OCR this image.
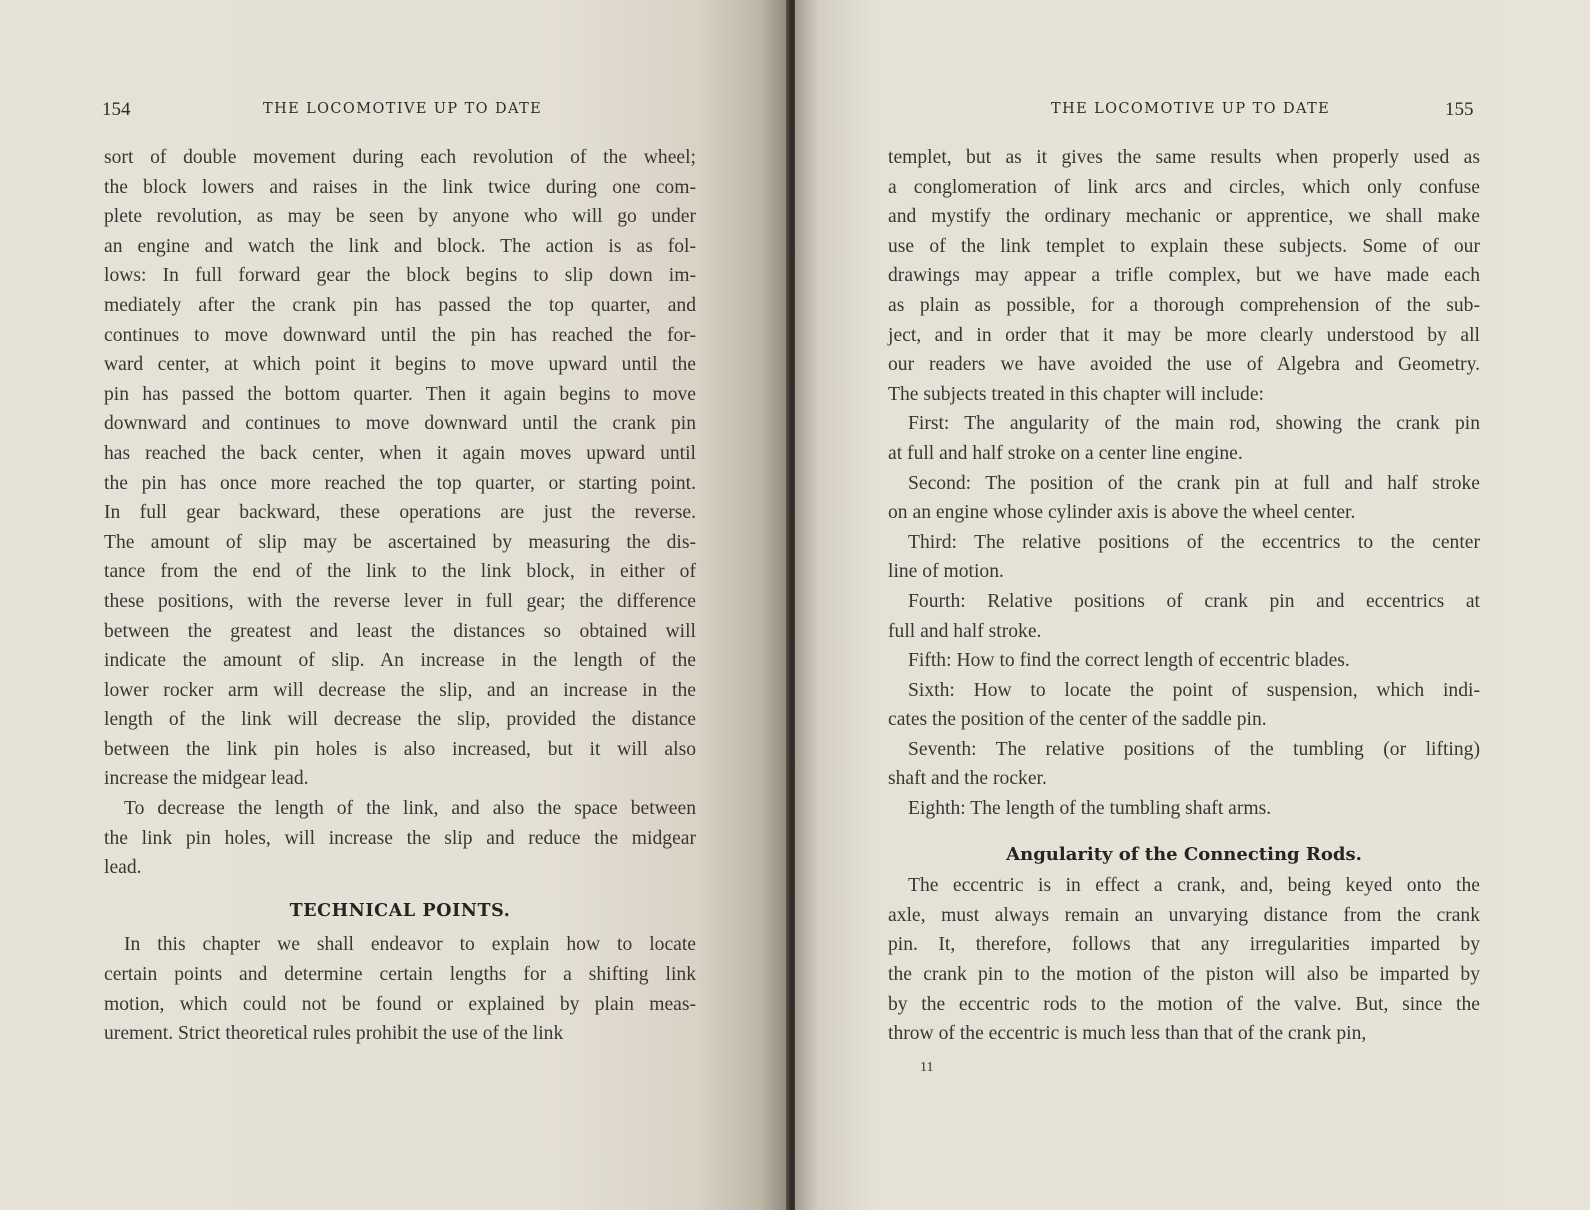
154	THE LOCOMOTIVE UP TO DATE
sort of double movement during each revolution of the wheel;
the block lowers and raises in the link twice during one com-
plete revolution, as may be seen by anyone who will go under
an engine and watch the link and block. The action is as fol-
lows: In full forward gear the block begins to slip down im-
mediately after the crank pin has passed the top quarter, and
continues to move downward until the pin has reached the for-
ward center, at which point it begins to move upward until the
pin has passed the bottom quarter. Then it again begins to move
downward and continues to move downward until the crank pin
has reached the back center, when it again moves upward until
the pin has once more reached the top quarter, or starting point.
In full gear backward, these operations are just the reverse.
The amount of slip may be ascertained by measuring the dis-
tance from the end of the link to the link block, in either of
these positions, with the reverse lever in full gear; the difference
between the greatest and least the distances so obtained will
indicate the amount of slip. An increase in the length of the
lower rocker arm will decrease the slip, and an increase in the
length of the link will decrease the slip, provided the distance
between the link pin holes is also increased, but it will also
increase the midgear lead.
To decrease the length of the link, and also the space between
the link pin holes, will increase the slip and reduce the midgear
lead.
TECHNICAL POINTS.
In this chapter we shall endeavor to explain how to locate
certain points and determine certain lengths for a shifting link
motion, which could not be found or explained by plain meas-
urement. Strict theoretical rules prohibit the use of the link
THE LOCOMOTIVE UP TO DATE	155
templet, but as it gives the same results when properly used as
a conglomeration of link arcs and circles, which only confuse
and mystify the ordinary mechanic or apprentice, we shall make
use of the link templet to explain these subjects. Some of our
drawings may appear a trifle complex, but we have made each
as plain as possible, for a thorough comprehension of the sub-
ject, and in order that it may be more clearly understood by all
our readers we have avoided the use of Algebra and Geometry.
The subjects treated in this chapter will include:
First: The angularity of the main rod, showing the crank pin
at full and half stroke on a center line engine.
Second: The position of the crank pin at full and half stroke
on an engine whose cylinder axis is above the wheel center.
Third: The relative positions of the eccentrics to the center
line of motion.
Fourth: Relative positions of crank pin and eccentrics at
full and half stroke.
Fifth: How to find the correct length of eccentric blades.
Sixth: How to locate the point of suspension, which indi-
cates the position of the center of the saddle pin.
Seventh: The relative positions of the tumbling (or lifting)
shaft and the rocker.
Eighth: The length of the tumbling shaft arms.
Angularity of the Connecting Rods.
The eccentric is in effect a crank, and, being keyed onto the
axle, must always remain an unvarying distance from the crank
pin. It, therefore, follows that any irregularities imparted by
the crank pin to the motion of the piston will also be imparted by
by the eccentric rods to the motion of the valve. But, since the
throw of the eccentric is much less than that of the crank pin,
11
